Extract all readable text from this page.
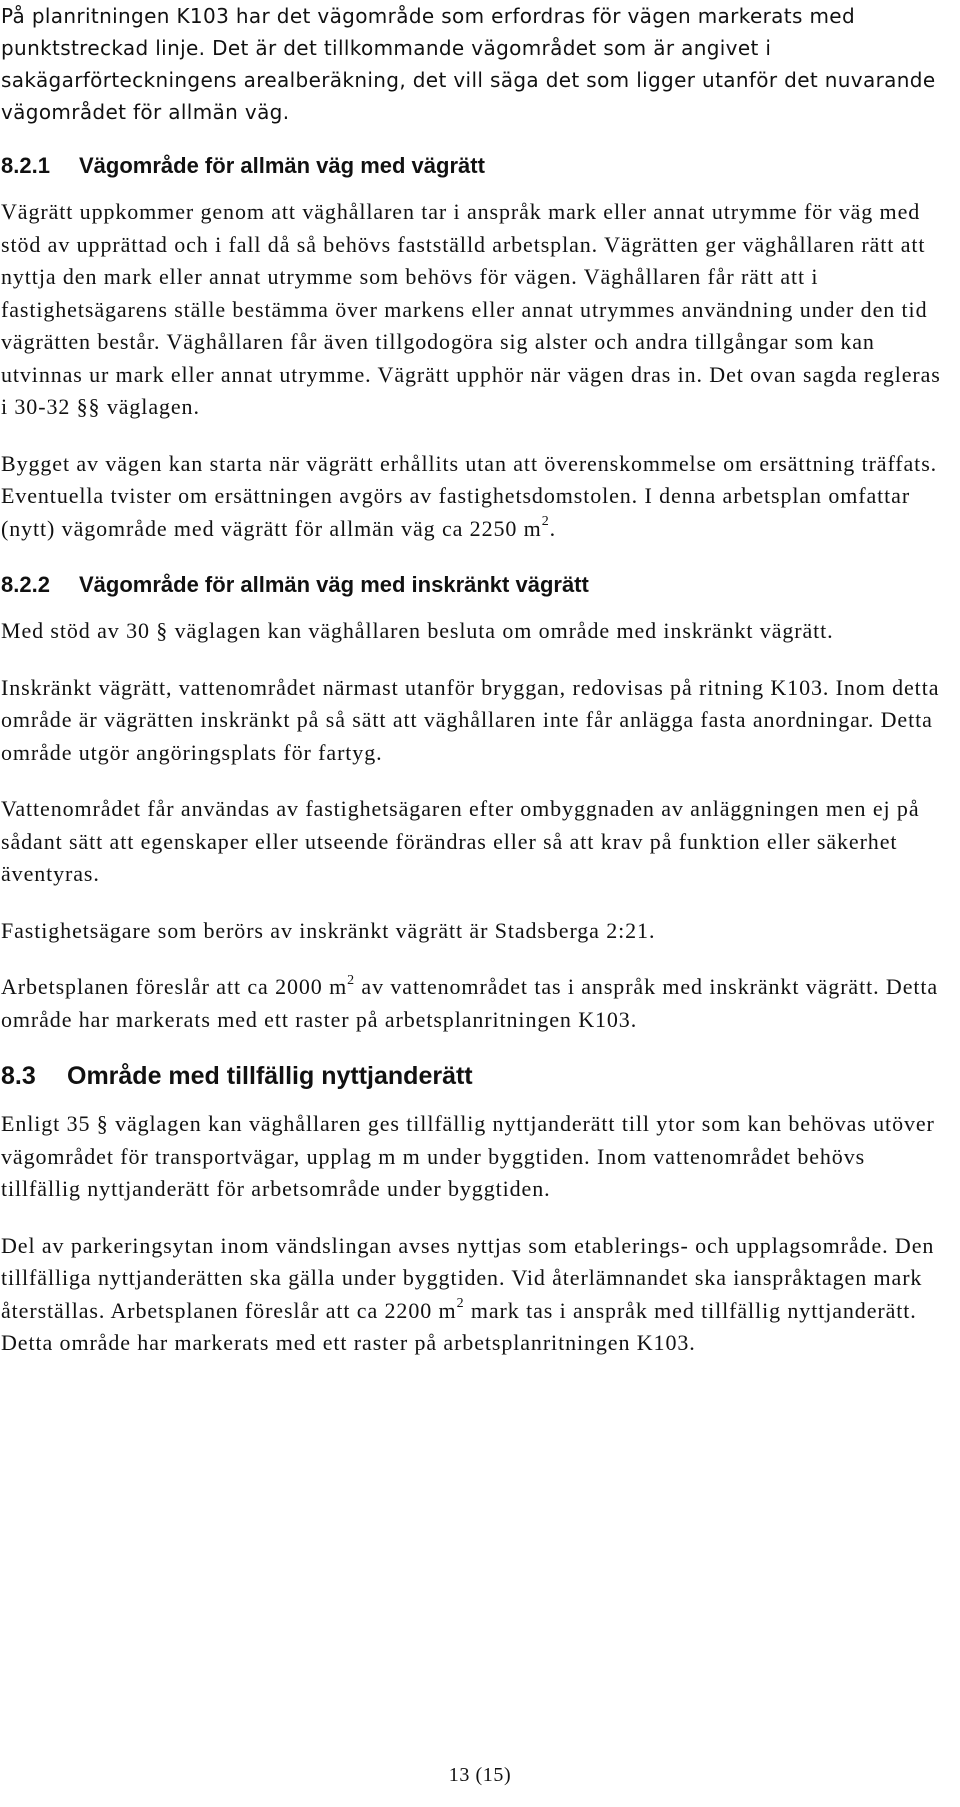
På planritningen K103 har det vägområde som erfordras för vägen markerats med punktstreckad linje. Det är det tillkommande vägområdet som är angivet i sakägarförteckningens arealberäkning, det vill säga det som ligger utanför det nuvarande vägområdet för allmän väg.

8.2.1 Vägområde för allmän väg med vägrätt

Vägrätt uppkommer genom att väghållaren tar i anspråk mark eller annat utrymme för väg med stöd av upprättad och i fall då så behövs fastställd arbetsplan. Vägrätten ger väghållaren rätt att nyttja den mark eller annat utrymme som behövs för vägen. Väghållaren får rätt att i fastighetsägarens ställe bestämma över markens eller annat utrymmes användning under den tid vägrätten består. Väghållaren får även tillgodogöra sig alster och andra tillgångar som kan utvinnas ur mark eller annat utrymme. Vägrätt upphör när vägen dras in. Det ovan sagda regleras i 30-32 §§ väglagen.

Bygget av vägen kan starta när vägrätt erhållits utan att överenskommelse om ersättning träffats. Eventuella tvister om ersättningen avgörs av fastighetsdomstolen. I denna arbetsplan omfattar (nytt) vägområde med vägrätt för allmän väg ca 2250 $m^2$.

8.2.2 Vägområde för allmän väg med inskränkt vägrätt

Med stöd av 30 § väglagen kan väghållaren besluta om område med inskränkt vägrätt.

Inskränkt vägrätt, vattenområdet närmast utanför bryggan, redovisas på ritning K103. Inom detta område är vägrätten inskränkt på så sätt att väghållaren inte får anlägga fasta anordningar. Detta område utgör angöringsplats för fartyg.

Vattenområdet får användas av fastighetsägaren efter ombyggnaden av anläggningen men ej på sådant sätt att egenskaper eller utseende förändras eller så att krav på funktion eller säkerhet äventyras.

Fastighetsägare som berörs av inskränkt vägrätt är Stadsberga 2:21.

Arbetsplanen föreslår att ca 2000 $m^2$ av vattenområdet tas i anspråk med inskränkt vägrätt. Detta område har markerats med ett raster på arbetsplanritningen K103.

8.3 Område med tillfällig nyttjanderätt

Enligt 35 § väglagen kan väghållaren ges tillfällig nyttjanderätt till ytor som kan behövas utöver vägområdet för transportvägar, upplag m m under byggtiden. Inom vattenområdet behövs tillfällig nyttjanderätt för arbetsområde under byggtiden.

Del av parkeringsytan inom vändslingan avses nyttjas som etablerings- och upplagsområde. Den tillfälliga nyttjanderätten ska gälla under byggtiden. Vid återlämnandet ska ianspråktagen mark återställas. Arbetsplanen föreslår att ca 2200 $m^2$ mark tas i anspråk med tillfällig nyttjanderätt. Detta område har markerats med ett raster på arbetsplanritningen K103.

13 (15)
